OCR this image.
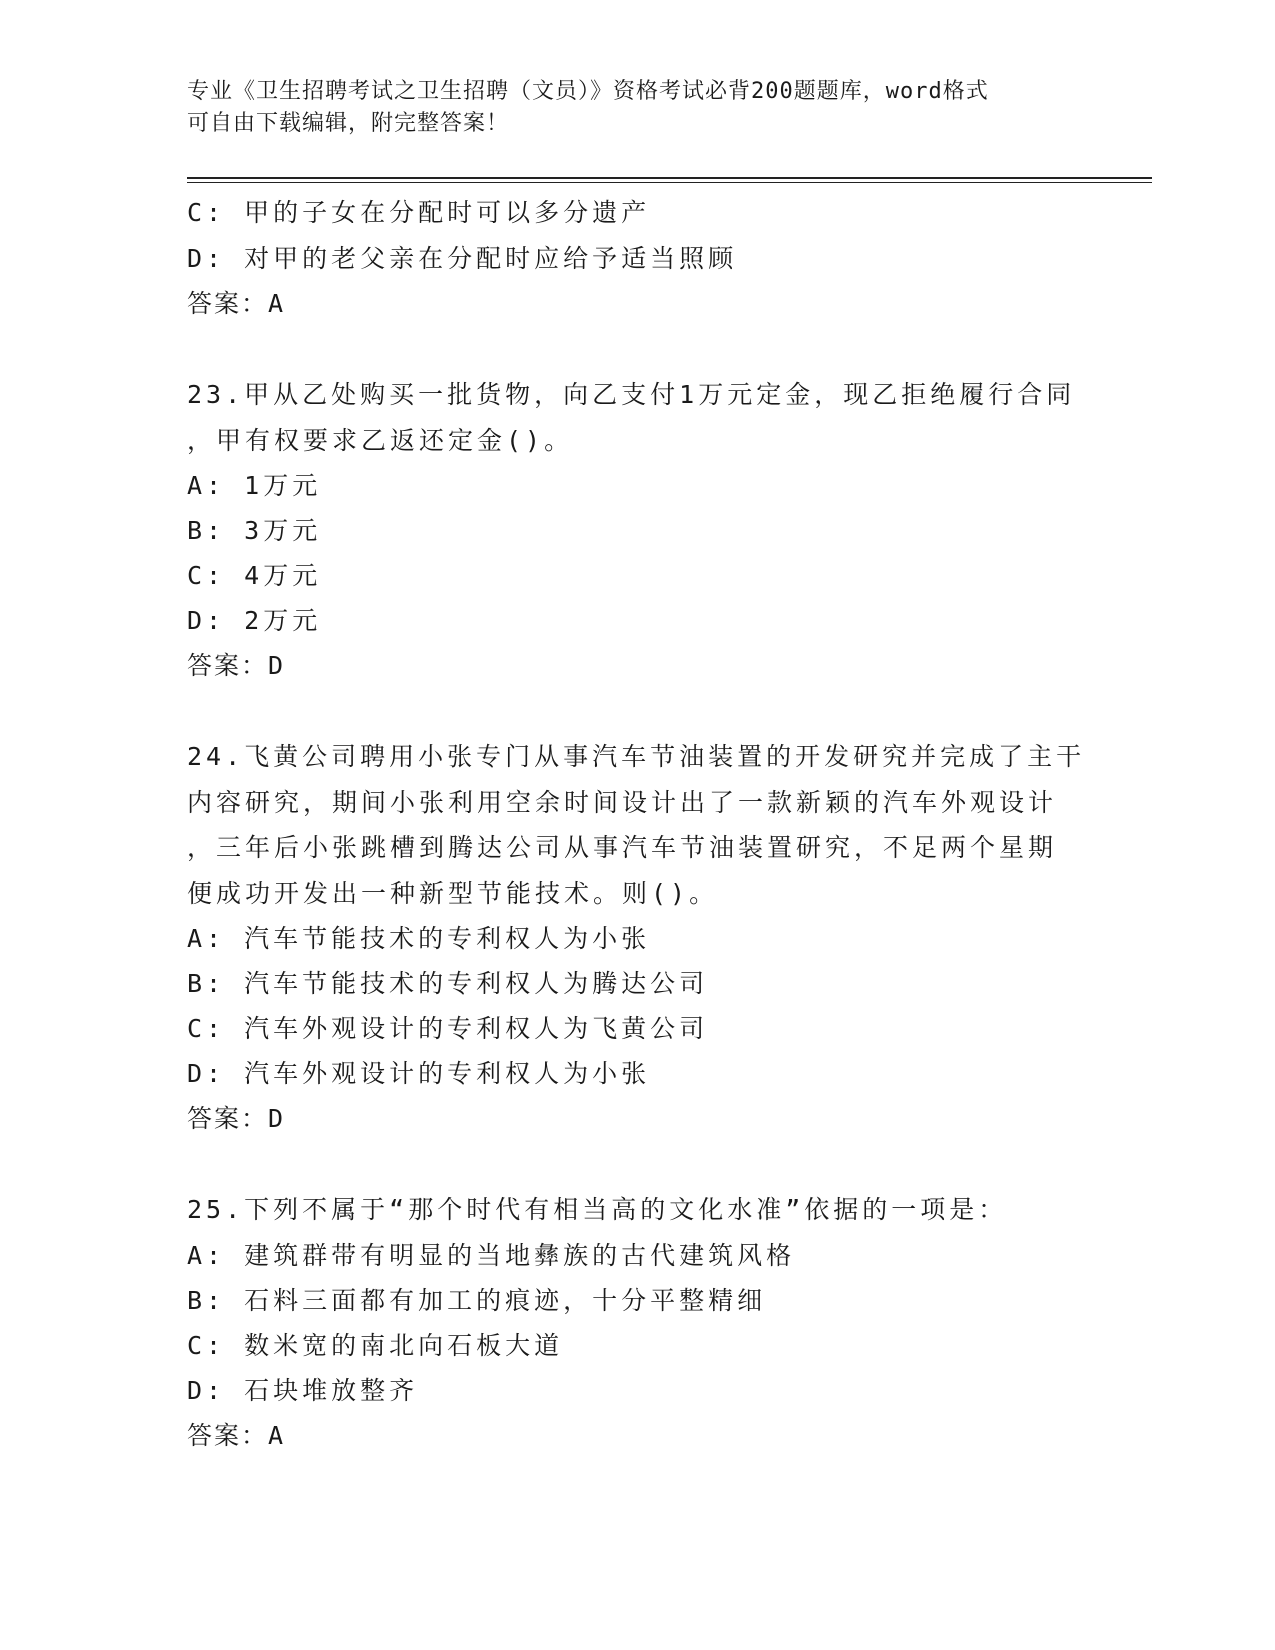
专业《卫生招聘考试之卫生招聘（文员）》资格考试必背200题题库，word格式
可自由下载编辑，附完整答案！
C: 甲的子女在分配时可以多分遗产
D: 对甲的老父亲在分配时应给予适当照顾
答案：A
23.甲从乙处购买一批货物，向乙支付1万元定金，现乙拒绝履行合同
，甲有权要求乙返还定金()。
A: 1万元
B: 3万元
C: 4万元
D: 2万元
答案：D
24.飞黄公司聘用小张专门从事汽车节油装置的开发研究并完成了主干
内容研究，期间小张利用空余时间设计出了一款新颖的汽车外观设计
，三年后小张跳槽到腾达公司从事汽车节油装置研究，不足两个星期
便成功开发出一种新型节能技术。则()。
A: 汽车节能技术的专利权人为小张
B: 汽车节能技术的专利权人为腾达公司
C: 汽车外观设计的专利权人为飞黄公司
D: 汽车外观设计的专利权人为小张
答案：D
25.下列不属于“那个时代有相当高的文化水准”依据的一项是：
A: 建筑群带有明显的当地彝族的古代建筑风格
B: 石料三面都有加工的痕迹，十分平整精细
C: 数米宽的南北向石板大道
D: 石块堆放整齐
答案：A
